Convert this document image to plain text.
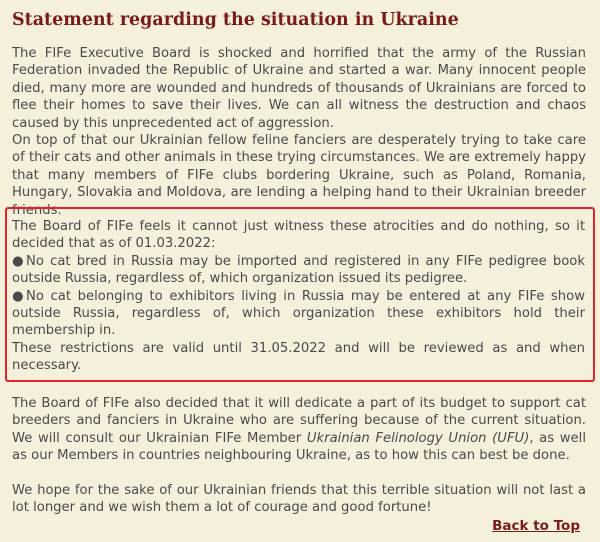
Statement regarding the situation in Ukraine

The FIFe Executive Board is shocked and horrified that the army of the Russian Federation invaded the Republic of Ukraine and started a war. Many innocent people died, many more are wounded and hundreds of thousands of Ukrainians are forced to flee their homes to save their lives. We can all witness the destruction and chaos caused by this unprecedented act of aggression.

On top of that our Ukrainian fellow feline fanciers are desperately trying to take care of their cats and other animals in these trying circumstances. We are extremely happy that many members of FIFe clubs bordering Ukraine, such as Poland, Romania, Hungary, Slovakia and Moldova, are lending a helping hand to their Ukrainian breeder friends.

The Board of FIFe feels it cannot just witness these atrocities and do nothing, so it decided that as of 01.03.2022:

● No cat bred in Russia may be imported and registered in any FIFe pedigree book outside Russia, regardless of, which organization issued its pedigree.

● No cat belonging to exhibitors living in Russia may be entered at any FIFe show outside Russia, regardless of, which organization these exhibitors hold their membership in.

These restrictions are valid until 31.05.2022 and will be reviewed as and when necessary.

The Board of FIFe also decided that it will dedicate a part of its budget to support cat breeders and fanciers in Ukraine who are suffering because of the current situation. We will consult our Ukrainian FIFe Member Ukrainian Felinology Union (UFU), as well as our Members in countries neighbouring Ukraine, as to how this can best be done.

We hope for the sake of our Ukrainian friends that this terrible situation will not last a lot longer and we wish them a lot of courage and good fortune!

Back to Top
